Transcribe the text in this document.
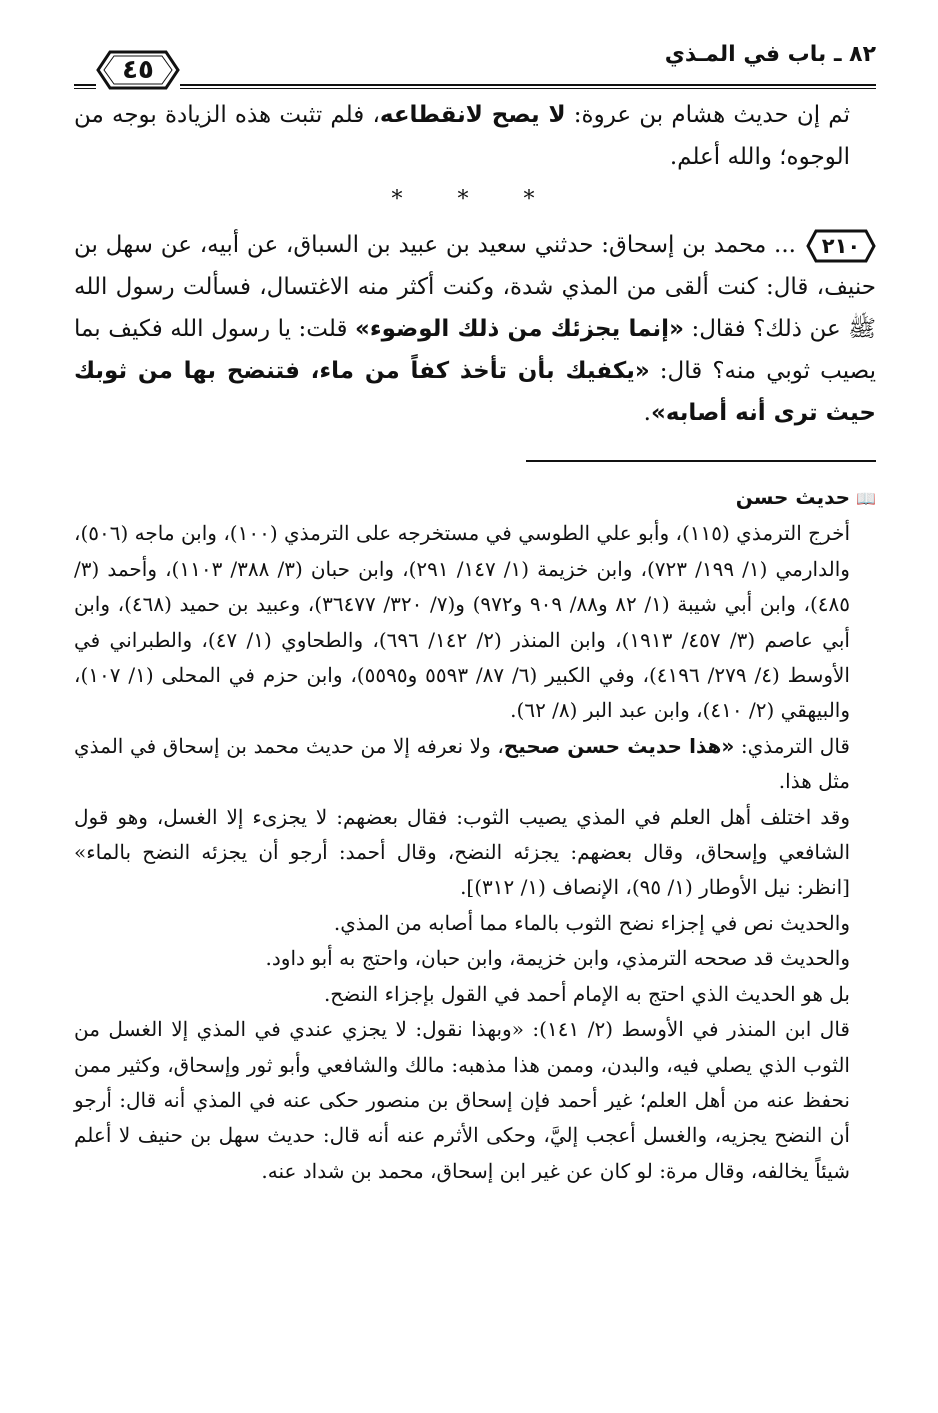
٨٢ ـ باب في المـذي
٤٥

ثم إن حديث هشام بن عروة: لا يصح لانقطاعه، فلم تثبت هذه الزيادة بوجه من الوجوه؛ والله أعلم.

* * *

٢١٠
... محمد بن إسحاق: حدثني سعيد بن عبيد بن السباق، عن أبيه، عن سهل بن حنيف، قال: كنت ألقى من المذي شدة، وكنت أكثر منه الاغتسال، فسألت رسول الله ﷺ عن ذلك؟ فقال: «إنما يجزئك من ذلك الوضوء» قلت: يا رسول الله فكيف بما يصيب ثوبي منه؟ قال: «يكفيك بأن تأخذ كفاً من ماء، فتنضح بها من ثوبك حيث ترى أنه أصابه».

📖حديث حسن

أخرج الترمذي (١١٥)، وأبو علي الطوسي في مستخرجه على الترمذي (١٠٠)، وابن ماجه (٥٠٦)، والدارمي (١/ ١٩٩/ ٧٢٣)، وابن خزيمة (١/ ١٤٧/ ٢٩١)، وابن حبان (٣/ ٣٨٨/ ١١٠٣)، وأحمد (٣/ ٤٨٥)، وابن أبي شيبة (١/ ٨٢ و٨٨/ ٩٠٩ و٩٧٢) و(٧/ ٣٢٠/ ٣٦٤٧٧)، وعبيد بن حميد (٤٦٨)، وابن أبي عاصم (٣/ ٤٥٧/ ١٩١٣)، وابن المنذر (٢/ ١٤٢/ ٦٩٦)، والطحاوي (١/ ٤٧)، والطبراني في الأوسط (٤/ ٢٧٩/ ٤١٩٦)، وفي الكبير (٦/ ٨٧/ ٥٥٩٣ و٥٥٩٥)، وابن حزم في المحلى (١/ ١٠٧)، والبيهقي (٢/ ٤١٠)، وابن عبد البر (٨/ ٦٢).

قال الترمذي: «هذا حديث حسن صحيح، ولا نعرفه إلا من حديث محمد بن إسحاق في المذي مثل هذا.

وقد اختلف أهل العلم في المذي يصيب الثوب: فقال بعضهم: لا يجزىء إلا الغسل، وهو قول الشافعي وإسحاق، وقال بعضهم: يجزئه النضح، وقال أحمد: أرجو أن يجزئه النضح بالماء» [انظر: نيل الأوطار (١/ ٩٥)، الإنصاف (١/ ٣١٢)].

والحديث نص في إجزاء نضح الثوب بالماء مما أصابه من المذي.

والحديث قد صححه الترمذي، وابن خزيمة، وابن حبان، واحتج به أبو داود.

بل هو الحديث الذي احتج به الإمام أحمد في القول بإجزاء النضح.

قال ابن المنذر في الأوسط (٢/ ١٤١): «وبهذا نقول: لا يجزي عندي في المذي إلا الغسل من الثوب الذي يصلي فيه، والبدن، وممن هذا مذهبه: مالك والشافعي وأبو ثور وإسحاق، وكثير ممن نحفظ عنه من أهل العلم؛ غير أحمد فإن إسحاق بن منصور حكى عنه في المذي أنه قال: أرجو أن النضح يجزيه، والغسل أعجب إليَّ، وحكى الأثرم عنه أنه قال: حديث سهل بن حنيف لا أعلم شيئاً يخالفه، وقال مرة: لو كان عن غير ابن إسحاق، محمد بن شداد عنه.
